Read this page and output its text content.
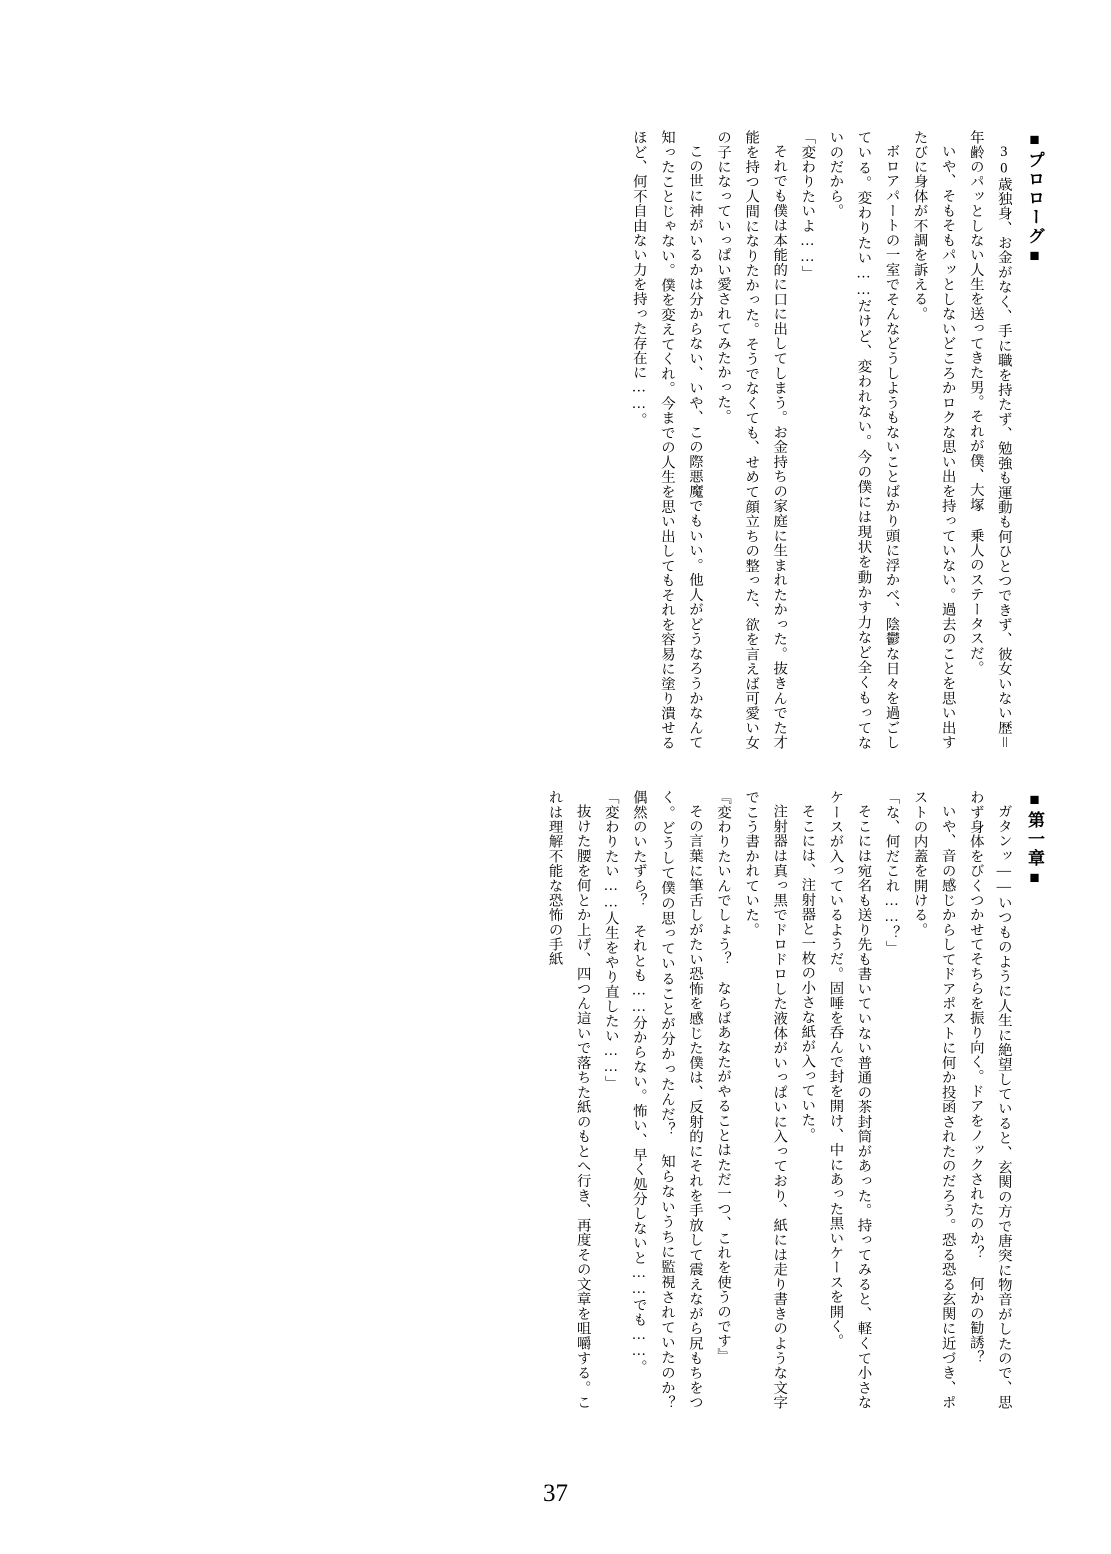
■プロローグ■

30歳独身、お金がなく、手に職を持たず、勉強も運動も何ひとつできず、彼女いない歴＝年齢のパッとしない人生を送ってきた男。それが僕、大塚 乗人のステータスだ。

いや、そもそもパッとしないどころかロクな思い出を持っていない。過去のことを思い出すたびに身体が不調を訴える。

ボロアパートの一室でそんなどうしようもないことばかり頭に浮かべ、陰鬱な日々を過ごしている。変わりたい……だけど、変われない。今の僕には現状を動かす力など全くもってないのだから。

「変わりたいよ……」

それでも僕は本能的に口に出してしまう。お金持ちの家庭に生まれたかった。抜きんでた才能を持つ人間になりたかった。そうでなくても、せめて顔立ちの整った、欲を言えば可愛い女の子になっていっぱい愛されてみたかった。

この世に神がいるかは分からない、いや、この際悪魔でもいい。他人がどうなろうかなんて知ったことじゃない。僕を変えてくれ。今までの人生を思い出してもそれを容易に塗り潰せるほど、何不自由ない力を持った存在に……。

■第一章■

ガタンッ――いつものように人生に絶望していると、玄関の方で唐突に物音がしたので、思わず身体をびくつかせてそちらを振り向く。ドアをノックされたのか？ 何かの勧誘？

いや、音の感じからしてドアポストに何か投函されたのだろう。恐る恐る玄関に近づき、ポストの内蓋を開ける。

「な、何だこれ……？」

そこには宛名も送り先も書いていない普通の茶封筒があった。持ってみると、軽くて小さなケースが入っているようだ。固唾を呑んで封を開け、中にあった黒いケースを開く。

そこには、注射器と一枚の小さな紙が入っていた。

注射器は真っ黒でドロドロした液体がいっぱいに入っており、紙には走り書きのような文字でこう書かれていた。

『変わりたいんでしょう？　ならばあなたがやることはただ一つ、これを使うのです』

その言葉に筆舌しがたい恐怖を感じた僕は、反射的にそれを手放して震えながら尻もちをつく。どうして僕の思っていることが分かったんだ？ 知らないうちに監視されていたのか？ 偶然のいたずら？ それとも……分からない。怖い、早く処分しないと……でも……。

「変わりたい……人生をやり直したい……」

抜けた腰を何とか上げ、四つん這いで落ちた紙のもとへ行き、再度その文章を咀嚼する。これは理解不能な恐怖の手紙

37
